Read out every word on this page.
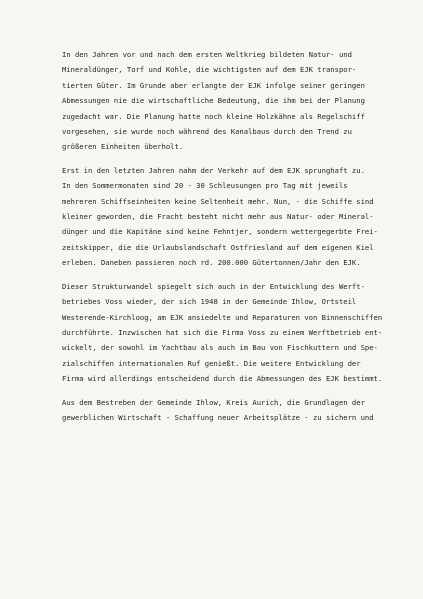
In den Jahren vor und nach dem ersten Weltkrieg bildeten Natur- und
Mineraldünger, Torf und Kohle, die wichtigsten auf dem EJK transpor-
tierten Güter. Im Grunde aber erlangte der EJK infolge seiner geringen
Abmessungen nie die wirtschaftliche Bedeutung, die ihm bei der Planung
zugedacht war. Die Planung hatte noch kleine Holzkähne als Regelschiff
vorgesehen, sie wurde noch während des Kanalbaus durch den Trend zu
größeren Einheiten überholt.

Erst in den letzten Jahren nahm der Verkehr auf dem EJK sprunghaft zu.
In den Sommermonaten sind 20 - 30 Schleusungen pro Tag mit jeweils
mehreren Schiffseinheiten keine Seltenheit mehr. Nun, - die Schiffe sind
kleiner geworden, die Fracht besteht nicht mehr aus Natur- oder Mineral-
dünger und die Kapitäne sind keine Fehntjer, sondern wettergegerbte Frei-
zeitskipper, die die Urlaubslandschaft Ostfriesland auf dem eigenen Kiel
erleben. Daneben passieren noch rd. 200.000 Gütertonnen/Jahr den EJK.

Dieser Strukturwandel spiegelt sich auch in der Entwicklung des Werft-
betriebes Voss wieder, der sich 1948 in der Gemeinde Ihlow, Ortsteil
Westerende-Kirchloog, am EJK ansiedelte und Reparaturen von Binnenschiffen
durchführte. Inzwischen hat sich die Firma Voss zu einem Werftbetrieb ent-
wickelt, der sowohl im Yachtbau als auch im Bau von Fischkuttern und Spe-
zialschiffen internationalen Ruf genießt. Die weitere Entwicklung der
Firma wird allerdings entscheidend durch die Abmessungen des EJK bestimmt.

Aus dem Bestreben der Gemeinde Ihlow, Kreis Aurich, die Grundlagen der
gewerblichen Wirtschaft - Schaffung neuer Arbeitsplätze - zu sichern und
